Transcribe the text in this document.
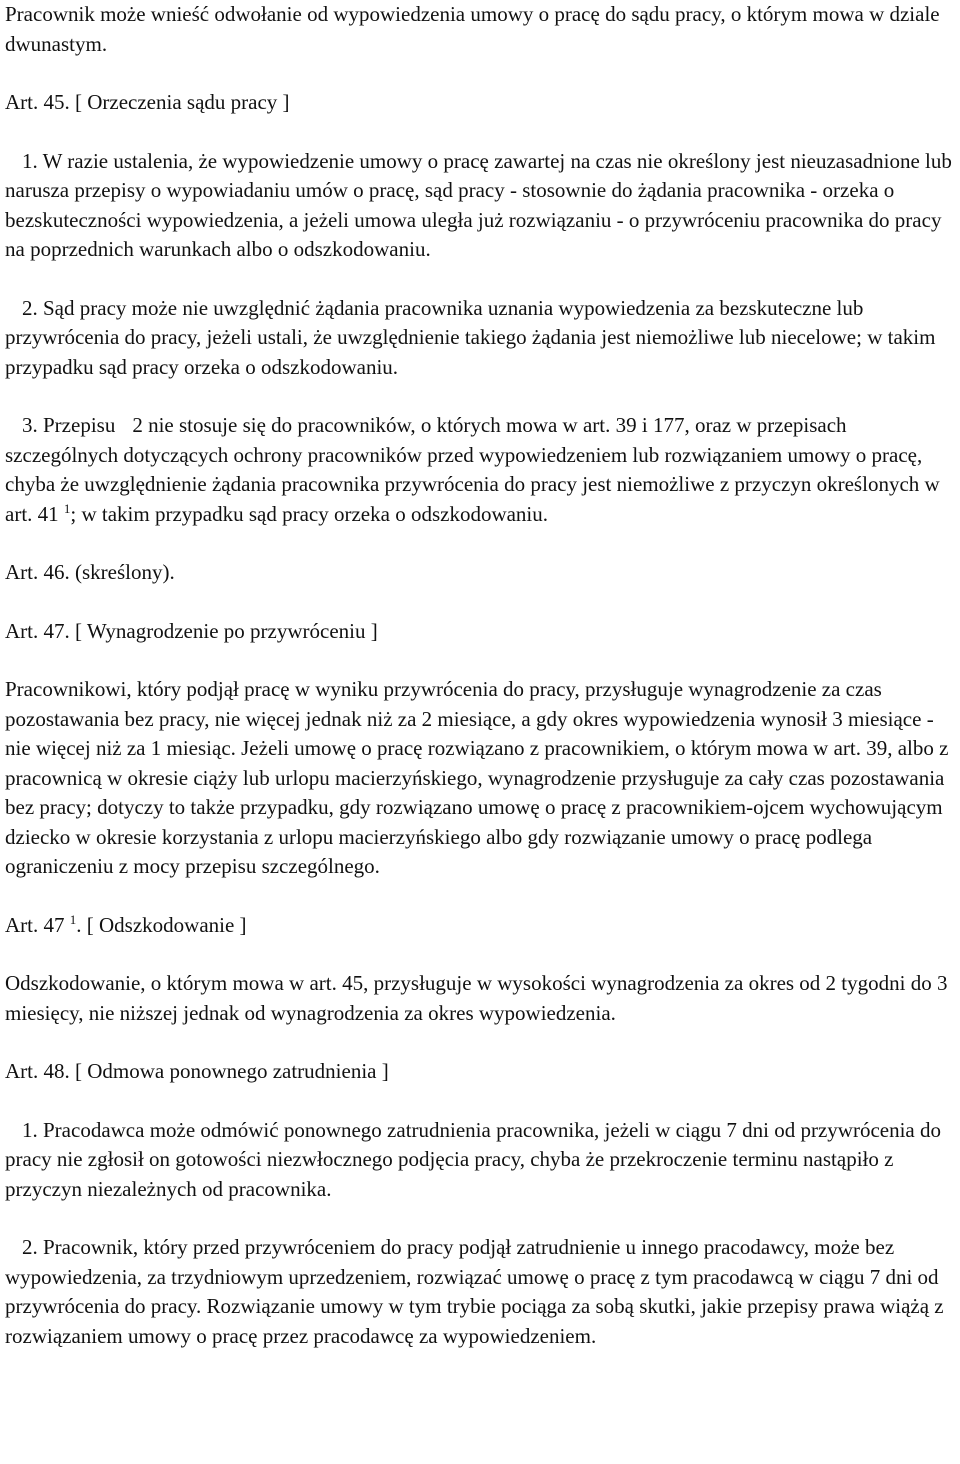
Pracownik może wnieść odwołanie od wypowiedzenia umowy o pracę do sądu pracy, o którym mowa w dziale dwunastym.

Art. 45. [ Orzeczenia sądu pracy ]

1. W razie ustalenia, że wypowiedzenie umowy o pracę zawartej na czas nie określony jest nieuzasadnione lub narusza przepisy o wypowiadaniu umów o pracę, sąd pracy - stosownie do żądania pracownika - orzeka o bezskuteczności wypowiedzenia, a jeżeli umowa uległa już rozwiązaniu - o przywróceniu pracownika do pracy na poprzednich warunkach albo o odszkodowaniu.

2. Sąd pracy może nie uwzględnić żądania pracownika uznania wypowiedzenia za bezskuteczne lub przywrócenia do pracy, jeżeli ustali, że uwzględnienie takiego żądania jest niemożliwe lub niecelowe; w takim przypadku sąd pracy orzeka o odszkodowaniu.

3. Przepisu 2 nie stosuje się do pracowników, o których mowa w art. 39 i 177, oraz w przepisach szczególnych dotyczących ochrony pracowników przed wypowiedzeniem lub rozwiązaniem umowy o pracę, chyba że uwzględnienie żądania pracownika przywrócenia do pracy jest niemożliwe z przyczyn określonych w art. 41 $^1$; w takim przypadku sąd pracy orzeka o odszkodowaniu.

Art. 46. (skreślony).

Art. 47. [ Wynagrodzenie po przywróceniu ]

Pracownikowi, który podjął pracę w wyniku przywrócenia do pracy, przysługuje wynagrodzenie za czas pozostawania bez pracy, nie więcej jednak niż za 2 miesiące, a gdy okres wypowiedzenia wynosił 3 miesiące - nie więcej niż za 1 miesiąc. Jeżeli umowę o pracę rozwiązano z pracownikiem, o którym mowa w art. 39, albo z pracownicą w okresie ciąży lub urlopu macierzyńskiego, wynagrodzenie przysługuje za cały czas pozostawania bez pracy; dotyczy to także przypadku, gdy rozwiązano umowę o pracę z pracownikiem-ojcem wychowującym dziecko w okresie korzystania z urlopu macierzyńskiego albo gdy rozwiązanie umowy o pracę podlega ograniczeniu z mocy przepisu szczególnego.

Art. 47 $^1$. [ Odszkodowanie ]

Odszkodowanie, o którym mowa w art. 45, przysługuje w wysokości wynagrodzenia za okres od 2 tygodni do 3 miesięcy, nie niższej jednak od wynagrodzenia za okres wypowiedzenia.

Art. 48. [ Odmowa ponownego zatrudnienia ]

1. Pracodawca może odmówić ponownego zatrudnienia pracownika, jeżeli w ciągu 7 dni od przywrócenia do pracy nie zgłosił on gotowości niezwłocznego podjęcia pracy, chyba że przekroczenie terminu nastąpiło z przyczyn niezależnych od pracownika.

2. Pracownik, który przed przywróceniem do pracy podjął zatrudnienie u innego pracodawcy, może bez wypowiedzenia, za trzydniowym uprzedzeniem, rozwiązać umowę o pracę z tym pracodawcą w ciągu 7 dni od przywrócenia do pracy. Rozwiązanie umowy w tym trybie pociąga za sobą skutki, jakie przepisy prawa wiążą z rozwiązaniem umowy o pracę przez pracodawcę za wypowiedzeniem.
